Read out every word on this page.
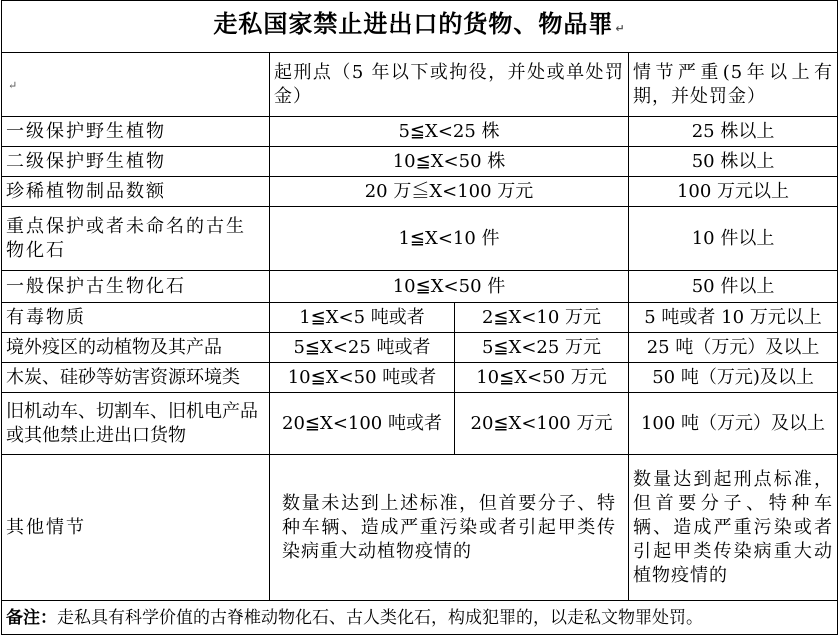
走私国家禁止进出口的货物、物品罪 ↵			
↵	起刑点（5 年以下或拘役，并处或单处罚金）		情节严重(5年以上有期，并处罚金）
一级保护野生植物	5≦X<25 株		25 株以上
二级保护野生植物	10≦X<50 株		50 株以上
珍稀植物制品数额	20 万≦X<100 万元		100 万元以上
重点保护或者未命名的古生物化石	1≦X<10 件		10 件以上
一般保护古生物化石	10≦X<50 件		50 件以上
有毒物质	1≦X<5 吨或者	2≦X<10 万元	5 吨或者 10 万元以上
境外疫区的动植物及其产品	5≦X<25 吨或者	5≦X<25 万元	25 吨（万元）及以上
木炭、硅砂等妨害资源环境类	10≦X<50 吨或者	10≦X<50 万元	50 吨（万元)及以上
旧机动车、切割车、旧机电产品或其他禁止进出口货物	20≦X<100 吨或者	20≦X<100 万元	100 吨（万元）及以上
其他情节	数量未达到上述标准，但首要分子、特种车辆、造成严重污染或者引起甲类传染病重大动植物疫情的		数量达到起刑点标准，但首要分子、特种车辆、造成严重污染或者引起甲类传染病重大动植物疫情的
备注：走私具有科学价值的古脊椎动物化石、古人类化石，构成犯罪的，以走私文物罪处罚。			
